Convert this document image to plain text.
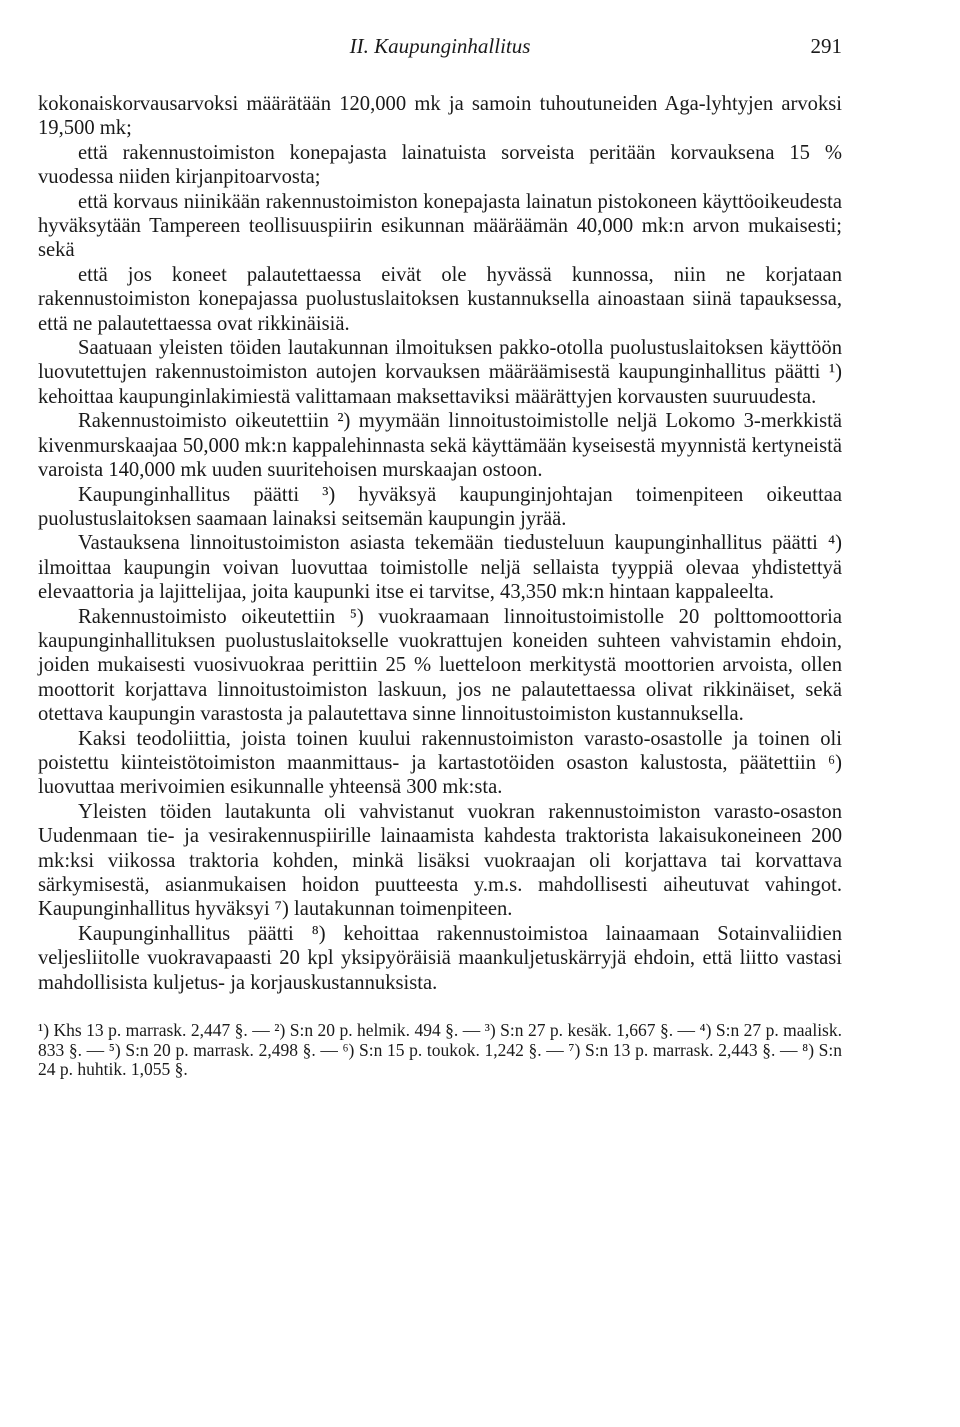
II. Kaupunginhallitus	291

kokonaiskorvausarvoksi määrätään 120,000 mk ja samoin tuhoutuneiden Aga-lyhtyjen arvoksi 19,500 mk;

että rakennustoimiston konepajasta lainatuista sorveista peritään korvauksena 15 % vuodessa niiden kirjanpitoarvosta;

että korvaus niinikään rakennustoimiston konepajasta lainatun pistokoneen käyttöoikeudesta hyväksytään Tampereen teollisuuspiirin esikunnan määräämän 40,000 mk:n arvon mukaisesti; sekä

että jos koneet palautettaessa eivät ole hyvässä kunnossa, niin ne korjataan rakennustoimiston konepajassa puolustuslaitoksen kustannuksella ainoastaan siinä tapauksessa, että ne palautettaessa ovat rikkinäisiä.

Saatuaan yleisten töiden lautakunnan ilmoituksen pakko-otolla puolustuslaitoksen käyttöön luovutettujen rakennustoimiston autojen korvauksen määräämisestä kaupunginhallitus päätti ¹) kehoittaa kaupunginlakimiestä valittamaan maksettaviksi määrättyjen korvausten suuruudesta.

Rakennustoimisto oikeutettiin ²) myymään linnoitustoimistolle neljä Lokomo 3-merkkistä kivenmurskaajaa 50,000 mk:n kappalehinnasta sekä käyttämään kyseisestä myynnistä kertyneistä varoista 140,000 mk uuden suuritehoisen murskaajan ostoon.

Kaupunginhallitus päätti ³) hyväksyä kaupunginjohtajan toimenpiteen oikeuttaa puolustuslaitoksen saamaan lainaksi seitsemän kaupungin jyrää.

Vastauksena linnoitustoimiston asiasta tekemään tiedusteluun kaupunginhallitus päätti ⁴) ilmoittaa kaupungin voivan luovuttaa toimistolle neljä sellaista tyyppiä olevaa yhdistettyä elevaattoria ja lajittelijaa, joita kaupunki itse ei tarvitse, 43,350 mk:n hintaan kappaleelta.

Rakennustoimisto oikeutettiin ⁵) vuokraamaan linnoitustoimistolle 20 polttomoottoria kaupunginhallituksen puolustuslaitokselle vuokrattujen koneiden suhteen vahvistamin ehdoin, joiden mukaisesti vuosivuokraa perittiin 25 % luetteloon merkitystä moottorien arvoista, ollen moottorit korjattava linnoitustoimiston laskuun, jos ne palautettaessa olivat rikkinäiset, sekä otettava kaupungin varastosta ja palautettava sinne linnoitustoimiston kustannuksella.

Kaksi teodoliittia, joista toinen kuului rakennustoimiston varasto-osastolle ja toinen oli poistettu kiinteistötoimiston maanmittaus- ja kartastotöiden osaston kalustosta, päätettiin ⁶) luovuttaa merivoimien esikunnalle yhteensä 300 mk:sta.

Yleisten töiden lautakunta oli vahvistanut vuokran rakennustoimiston varasto-osaston Uudenmaan tie- ja vesirakennuspiirille lainaamista kahdesta traktorista lakaisukoneineen 200 mk:ksi viikossa traktoria kohden, minkä lisäksi vuokraajan oli korjattava tai korvattava särkymisestä, asianmukaisen hoidon puutteesta y.m.s. mahdollisesti aiheutuvat vahingot. Kaupunginhallitus hyväksyi ⁷) lautakunnan toimenpiteen.

Kaupunginhallitus päätti ⁸) kehoittaa rakennustoimistoa lainaamaan Sotainvaliidien veljesliitolle vuokravapaasti 20 kpl yksipyöräisiä maankuljetuskärryjä ehdoin, että liitto vastasi mahdollisista kuljetus- ja korjauskustannuksista.

¹) Khs 13 p. marrask. 2,447 §. — ²) S:n 20 p. helmik. 494 §. — ³) S:n 27 p. kesäk. 1,667 §. — ⁴) S:n 27 p. maalisk. 833 §. — ⁵) S:n 20 p. marrask. 2,498 §. — ⁶) S:n 15 p. toukok. 1,242 §. — ⁷) S:n 13 p. marrask. 2,443 §. — ⁸) S:n 24 p. huhtik. 1,055 §.
